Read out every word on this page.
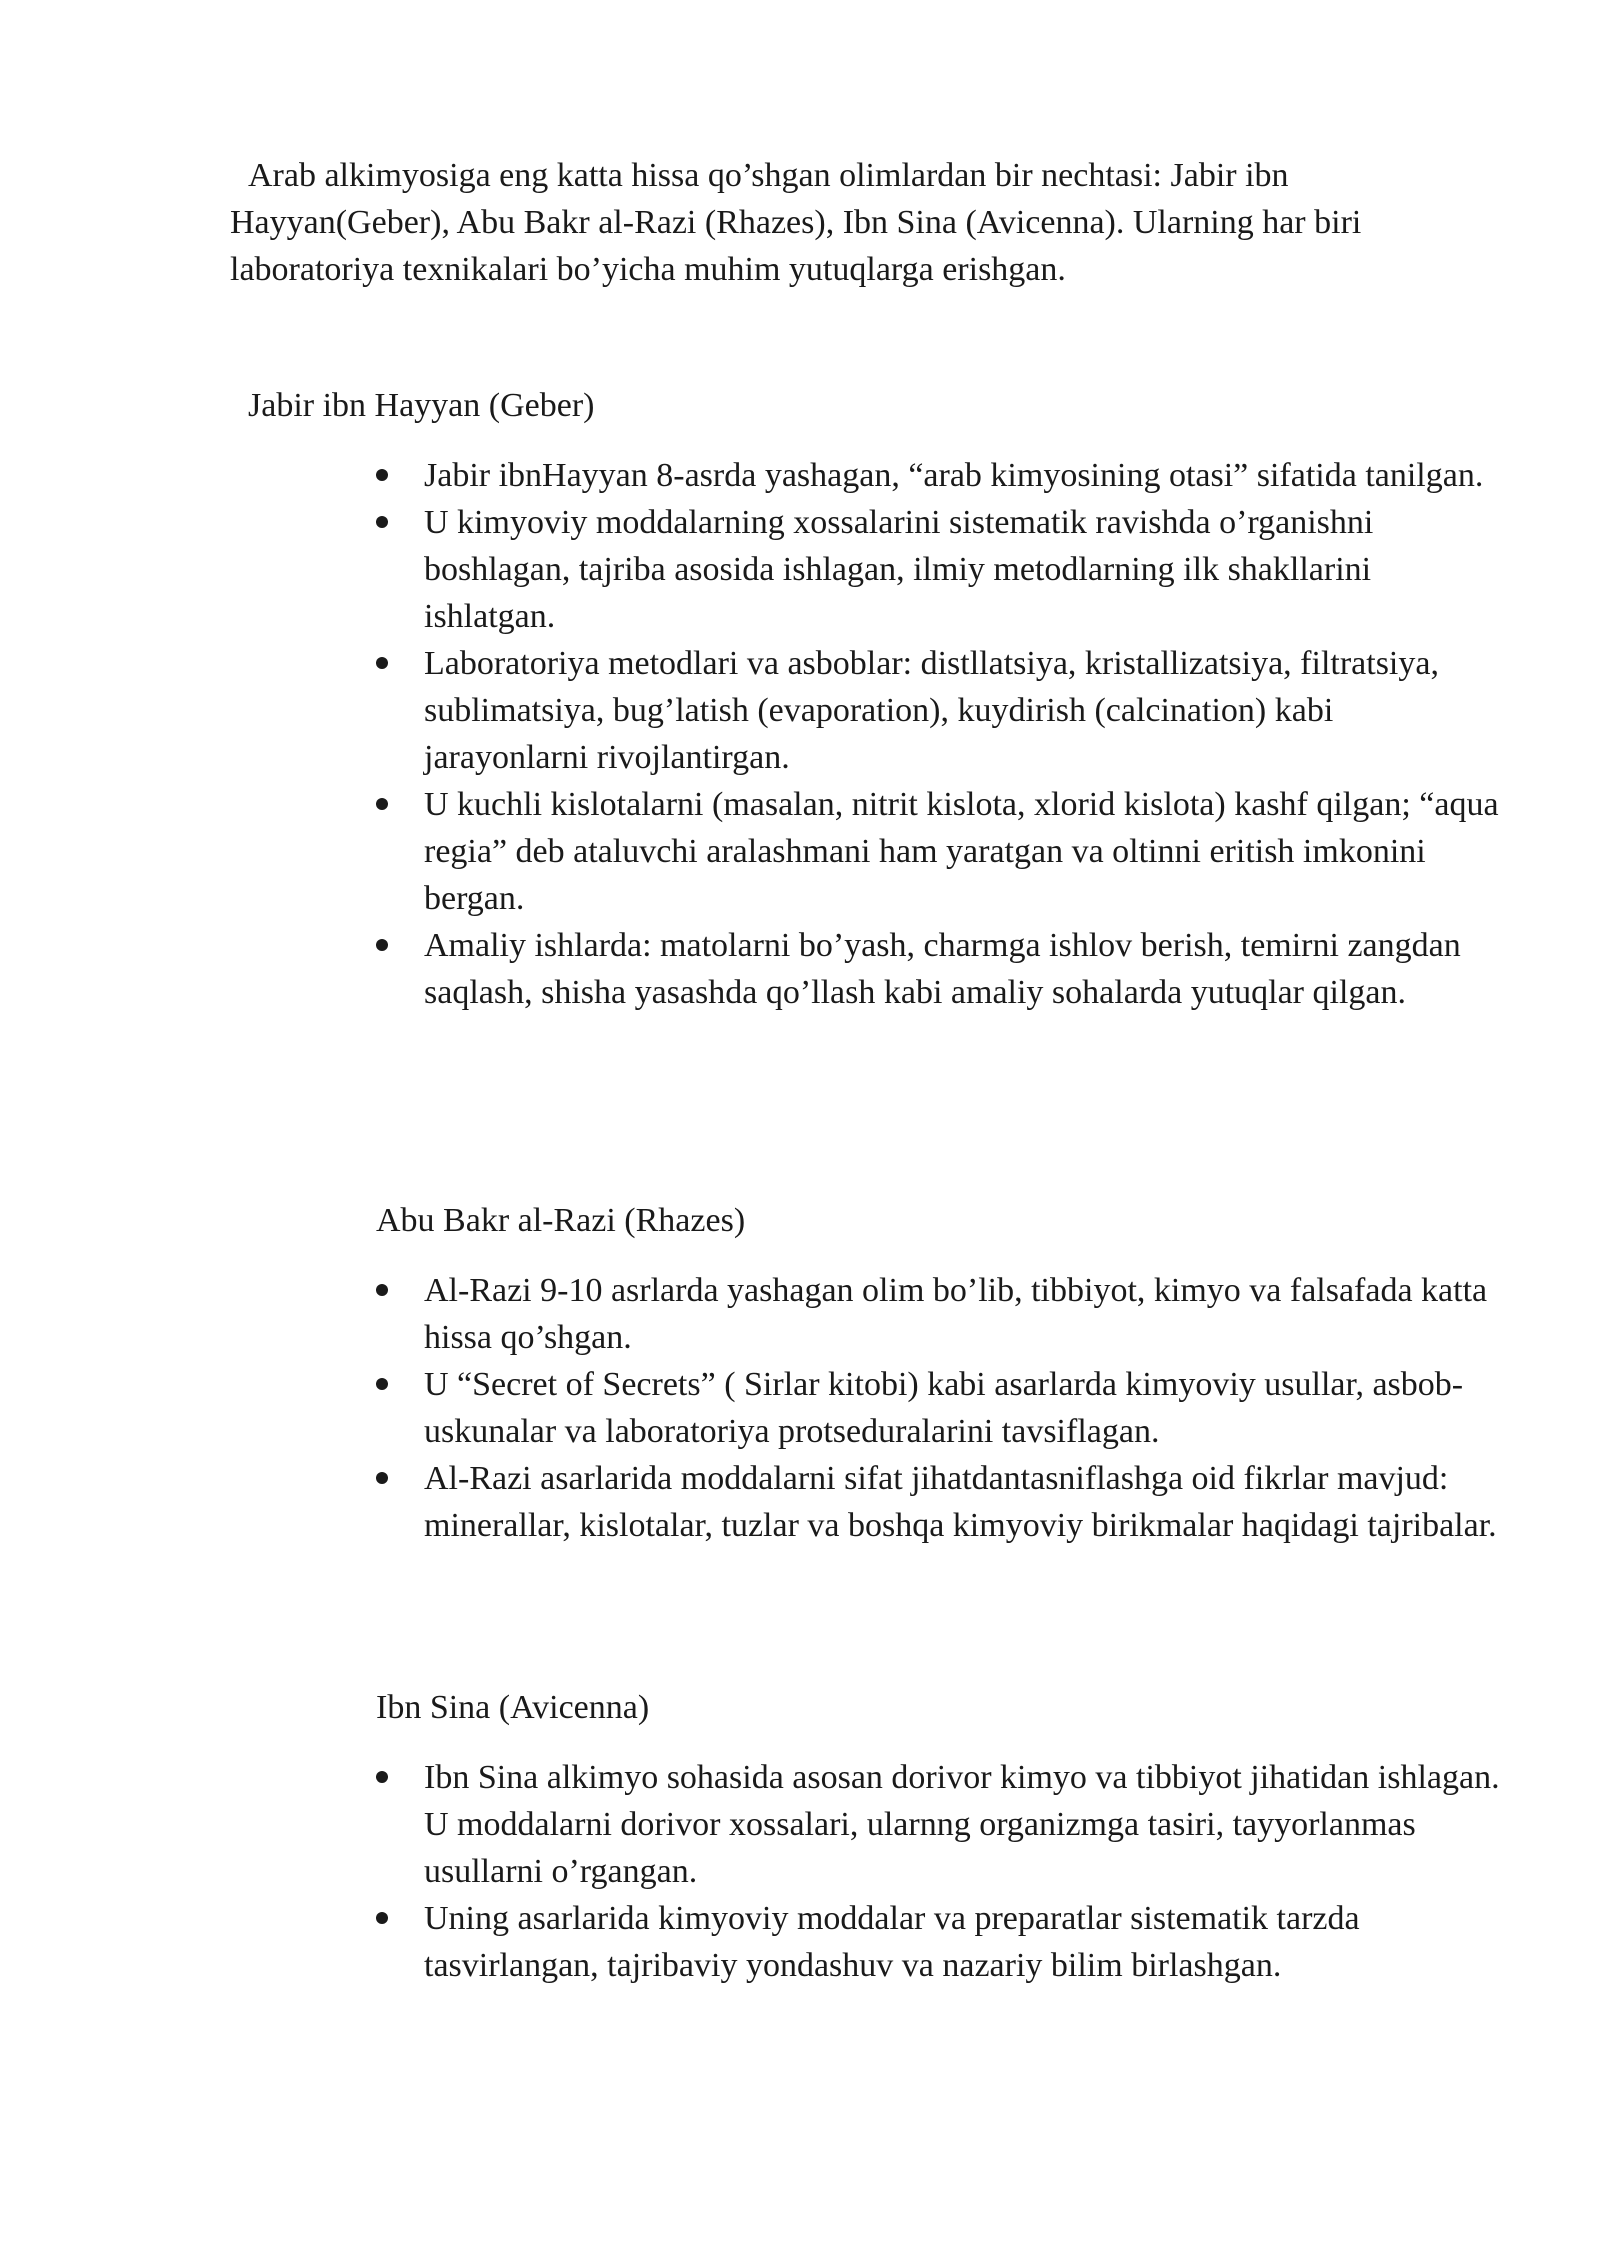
Arab alkimyosiga eng katta hissa qo’shgan olimlardan bir nechtasi: Jabir ibn Hayyan(Geber), Abu Bakr al-Razi (Rhazes), Ibn Sina (Avicenna). Ularning har biri laboratoriya texnikalari bo’yicha muhim yutuqlarga erishgan.

Jabir ibn Hayyan (Geber)
Jabir ibnHayyan 8-asrda yashagan, “arab kimyosining otasi” sifatida tanilgan.
U kimyoviy moddalarning xossalarini sistematik ravishda o’rganishni boshlagan, tajriba asosida ishlagan, ilmiy metodlarning ilk shakllarini ishlatgan.
Laboratoriya metodlari va asboblar: distllatsiya, kristallizatsiya, filtratsiya, sublimatsiya, bug’latish (evaporation), kuydirish (calcination) kabi jarayonlarni rivojlantirgan.
U kuchli kislotalarni (masalan, nitrit kislota, xlorid kislota) kashf qilgan; “aqua regia” deb ataluvchi aralashmani ham yaratgan va oltinni eritish imkonini bergan.
Amaliy ishlarda: matolarni bo’yash, charmga ishlov berish, temirni zangdan saqlash, shisha yasashda qo’llash kabi amaliy sohalarda yutuqlar qilgan.
Abu Bakr al-Razi (Rhazes)
Al-Razi 9-10 asrlarda yashagan olim bo’lib, tibbiyot, kimyo va falsafada katta hissa qo’shgan.
U “Secret of Secrets” ( Sirlar kitobi) kabi asarlarda kimyoviy usullar, asbob-uskunalar va laboratoriya protseduralarini tavsiflagan.
Al-Razi asarlarida moddalarni sifat jihatdantasniflashga oid fikrlar mavjud: minerallar, kislotalar, tuzlar va boshqa kimyoviy birikmalar haqidagi tajribalar.
Ibn Sina (Avicenna)
Ibn Sina alkimyo sohasida asosan dorivor kimyo va tibbiyot jihatidan ishlagan. U moddalarni dorivor xossalari, ularnng organizmga tasiri, tayyorlanmas usullarni o’rgangan.
Uning asarlarida kimyoviy moddalar va preparatlar sistematik tarzda tasvirlangan, tajribaviy yondashuv va nazariy bilim birlashgan.
